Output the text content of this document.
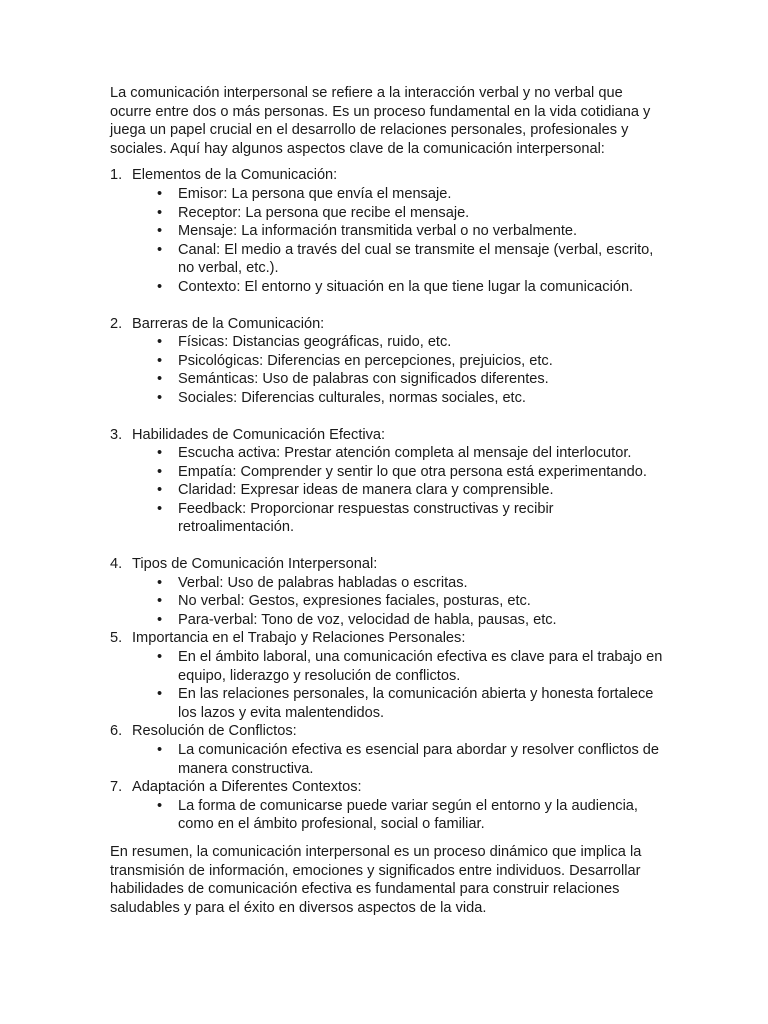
La comunicación interpersonal se refiere a la interacción verbal y no verbal que ocurre entre dos o más personas. Es un proceso fundamental en la vida cotidiana y juega un papel crucial en el desarrollo de relaciones personales, profesionales y sociales. Aquí hay algunos aspectos clave de la comunicación interpersonal:

1. Elementos de la Comunicación:
• Emisor: La persona que envía el mensaje.
• Receptor: La persona que recibe el mensaje.
• Mensaje: La información transmitida verbal o no verbalmente.
• Canal: El medio a través del cual se transmite el mensaje (verbal, escrito, no verbal, etc.).
• Contexto: El entorno y situación en la que tiene lugar la comunicación.
2. Barreras de la Comunicación:
• Físicas: Distancias geográficas, ruido, etc.
• Psicológicas: Diferencias en percepciones, prejuicios, etc.
• Semánticas: Uso de palabras con significados diferentes.
• Sociales: Diferencias culturales, normas sociales, etc.
3. Habilidades de Comunicación Efectiva:
• Escucha activa: Prestar atención completa al mensaje del interlocutor.
• Empatía: Comprender y sentir lo que otra persona está experimentando.
• Claridad: Expresar ideas de manera clara y comprensible.
• Feedback: Proporcionar respuestas constructivas y recibir retroalimentación.
4. Tipos de Comunicación Interpersonal:
• Verbal: Uso de palabras habladas o escritas.
• No verbal: Gestos, expresiones faciales, posturas, etc.
• Para-verbal: Tono de voz, velocidad de habla, pausas, etc.
5. Importancia en el Trabajo y Relaciones Personales:
• En el ámbito laboral, una comunicación efectiva es clave para el trabajo en equipo, liderazgo y resolución de conflictos.
• En las relaciones personales, la comunicación abierta y honesta fortalece los lazos y evita malentendidos.
6. Resolución de Conflictos:
• La comunicación efectiva es esencial para abordar y resolver conflictos de manera constructiva.
7. Adaptación a Diferentes Contextos:
• La forma de comunicarse puede variar según el entorno y la audiencia, como en el ámbito profesional, social o familiar.

En resumen, la comunicación interpersonal es un proceso dinámico que implica la transmisión de información, emociones y significados entre individuos. Desarrollar habilidades de comunicación efectiva es fundamental para construir relaciones saludables y para el éxito en diversos aspectos de la vida.
